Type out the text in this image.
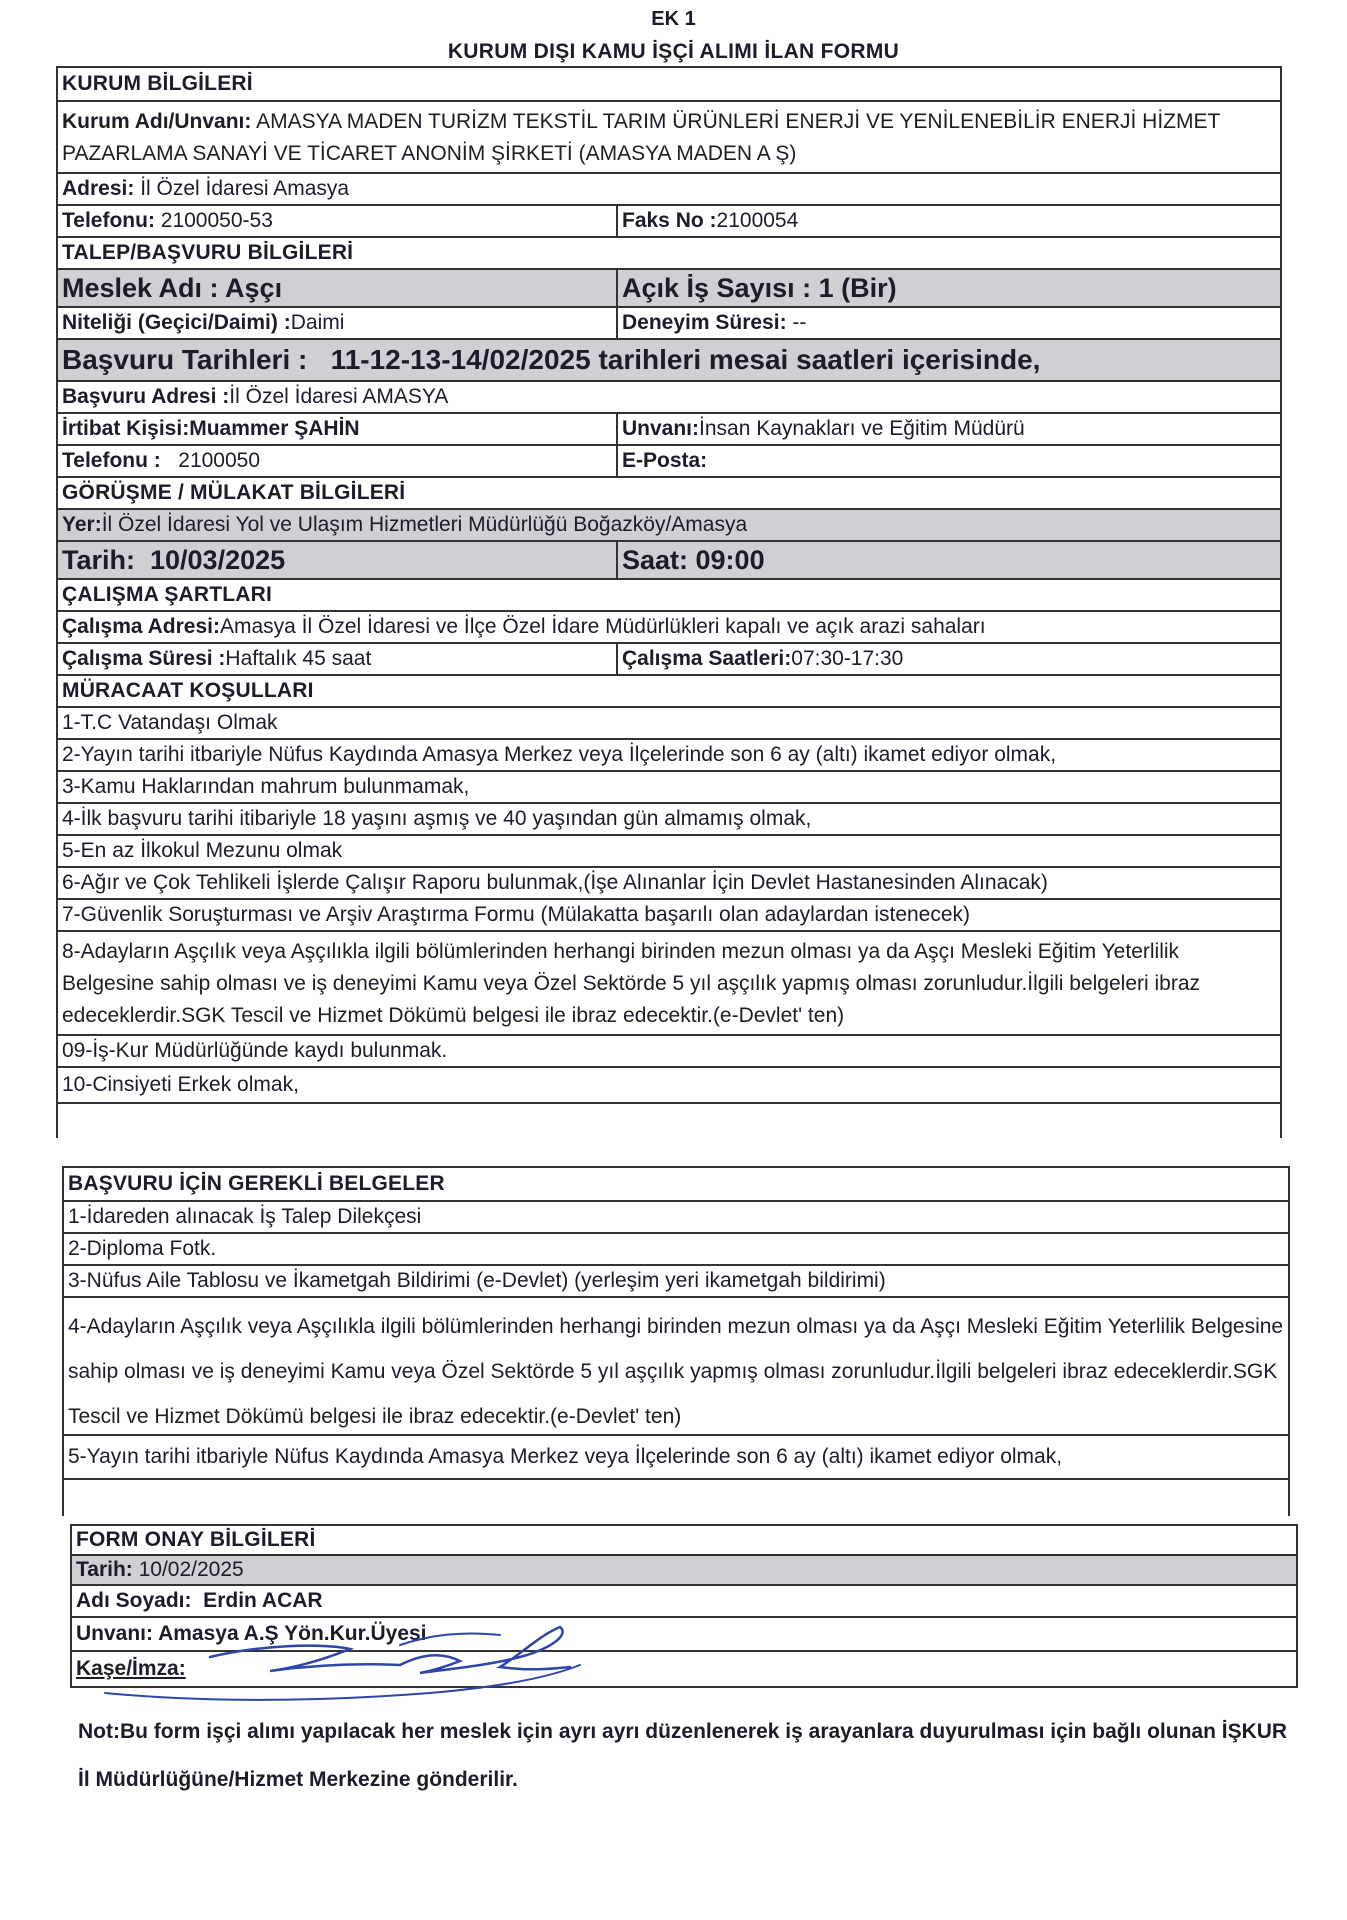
EK 1
KURUM DIŞI KAMU İŞÇİ ALIMI İLAN FORMU
KURUM BİLGİLERİ
Kurum Adı/Unvanı: AMASYA MADEN TURİZM TEKSTİL TARIM ÜRÜNLERİ ENERJİ VE YENİLENEBİLİR ENERJİ HİZMET PAZARLAMA SANAYİ VE TİCARET ANONİM ŞİRKETİ (AMASYA MADEN A Ş)
Adresi: İl Özel İdaresi Amasya
Telefonu: 2100050-53	Faks No : 2100054
TALEP/BAŞVURU BİLGİLERİ
Meslek Adı : Aşçı	Açık İş Sayısı : 1 (Bir)
Niteliği (Geçici/Daimi) : Daimi	Deneyim Süresi: --
Başvuru Tarihleri :   11-12-13-14/02/2025 tarihleri mesai saatleri içerisinde,
Başvuru Adresi : İl Özel İdaresi AMASYA
İrtibat Kişisi: Muammer ŞAHİN	Unvanı: İnsan Kaynakları ve Eğitim Müdürü
Telefonu : 2100050	E-Posta:
GÖRÜŞME / MÜLAKAT BİLGİLERİ
Yer: İl Özel İdaresi Yol ve Ulaşım Hizmetleri Müdürlüğü Boğazköy/Amasya
Tarih:  10/03/2025	Saat: 09:00
ÇALIŞMA ŞARTLARI
Çalışma Adresi: Amasya İl Özel İdaresi ve İlçe Özel İdare Müdürlükleri kapalı ve açık arazi sahaları
Çalışma Süresi : Haftalık 45 saat	Çalışma Saatleri: 07:30-17:30
MÜRACAAT KOŞULLARI
1-T.C Vatandaşı Olmak
2-Yayın tarihi itbariyle Nüfus Kaydında Amasya Merkez veya İlçelerinde son 6 ay (altı) ikamet ediyor olmak,
3-Kamu Haklarından mahrum bulunmamak,
4-İlk başvuru tarihi itibariyle 18 yaşını aşmış ve 40 yaşından gün almamış olmak,
5-En az İlkokul Mezunu olmak
6-Ağır ve Çok Tehlikeli İşlerde Çalışır Raporu bulunmak,(İşe Alınanlar İçin Devlet Hastanesinden Alınacak)
7-Güvenlik Soruşturması ve Arşiv Araştırma Formu (Mülakatta başarılı olan adaylardan istenecek)
8-Adayların Aşçılık veya Aşçılıkla ilgili bölümlerinden herhangi birinden mezun olması ya da Aşçı Mesleki Eğitim Yeterlilik Belgesine sahip olması ve iş deneyimi Kamu veya Özel Sektörde 5 yıl aşçılık yapmış olması zorunludur.İlgili belgeleri ibraz edeceklerdir.SGK Tescil ve Hizmet Dökümü belgesi ile ibraz edecektir.(e-Devlet' ten)
09-İş-Kur Müdürlüğünde kaydı bulunmak.
10-Cinsiyeti Erkek olmak,
BAŞVURU İÇİN GEREKLİ BELGELER
1-İdareden alınacak İş Talep Dilekçesi
2-Diploma Fotk.
3-Nüfus Aile Tablosu ve İkametgah Bildirimi (e-Devlet) (yerleşim yeri ikametgah bildirimi)
4-Adayların Aşçılık veya Aşçılıkla ilgili bölümlerinden herhangi birinden mezun olması ya da Aşçı Mesleki Eğitim Yeterlilik Belgesine sahip olması ve iş deneyimi Kamu veya Özel Sektörde 5 yıl aşçılık yapmış olması zorunludur.İlgili belgeleri ibraz edeceklerdir.SGK Tescil ve Hizmet Dökümü belgesi ile ibraz edecektir.(e-Devlet' ten)
5-Yayın tarihi itbariyle Nüfus Kaydında Amasya Merkez veya İlçelerinde son 6 ay (altı) ikamet ediyor olmak,
FORM ONAY BİLGİLERİ
Tarih: 10/02/2025
Adı Soyadı: Erdin ACAR
Unvanı: Amasya A.Ş Yön.Kur.Üyesi
Kaşe/İmza:
Not:Bu form işçi alımı yapılacak her meslek için ayrı ayrı düzenlenerek iş arayanlara duyurulması için bağlı olunan İŞKUR İl Müdürlüğüne/Hizmet Merkezine gönderilir.
